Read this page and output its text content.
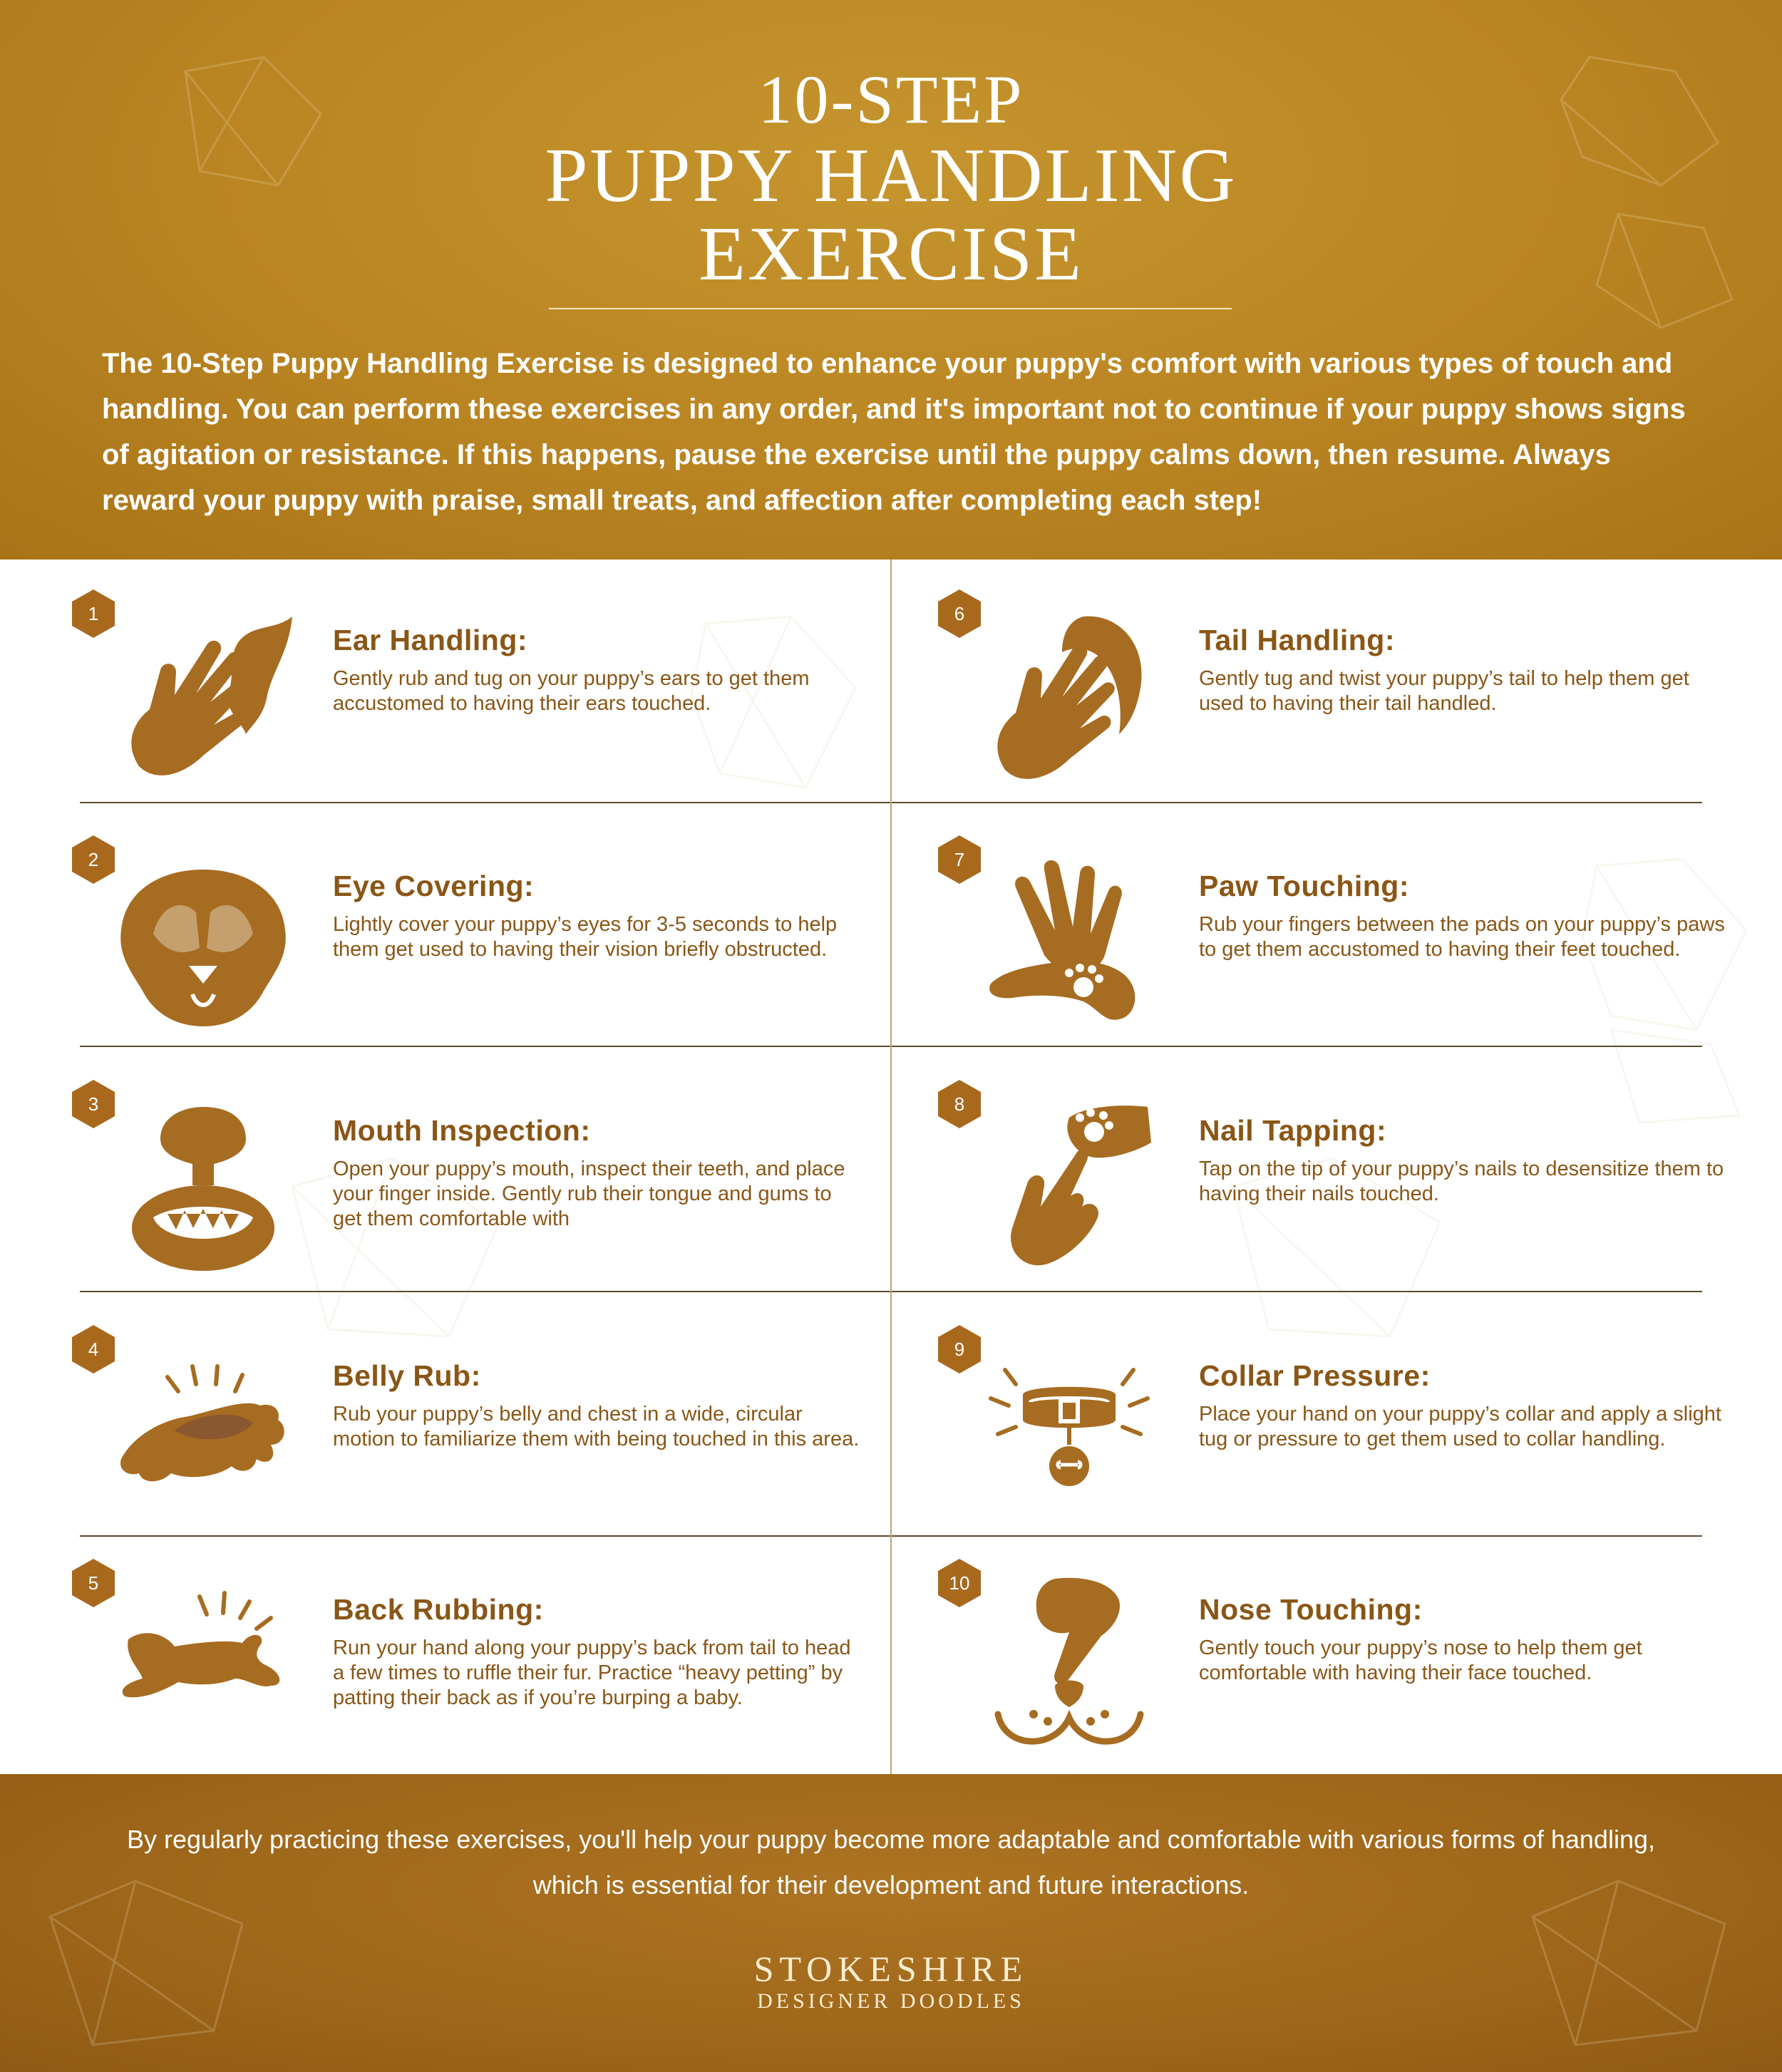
10-STEP
PUPPY HANDLING
EXERCISE

The 10-Step Puppy Handling Exercise is designed to enhance your puppy's comfort with various types of touch and handling. You can perform these exercises in any order, and it's important not to continue if your puppy shows signs of agitation or resistance. If this happens, pause the exercise until the puppy calms down, then resume. Always reward your puppy with praise, small treats, and affection after completing each step!

1
Ear Handling:

Gently rub and tug on your puppy’s ears to get them accustomed to having their ears touched.

2
Eye Covering:

Lightly cover your puppy’s eyes for 3-5 seconds to help them get used to having their vision briefly obstructed.

3
Mouth Inspection:

Open your puppy’s mouth, inspect their teeth, and place your finger inside. Gently rub their tongue and gums to get them comfortable with

4
Belly Rub:

Rub your puppy’s belly and chest in a wide, circular motion to familiarize them with being touched in this area.

5
Back Rubbing:

Run your hand along your puppy’s back from tail to head a few times to ruffle their fur. Practice “heavy petting” by patting their back as if you’re burping a baby.

6
Tail Handling:

Gently tug and twist your puppy’s tail to help them get used to having their tail handled.

7
Paw Touching:

Rub your fingers between the pads on your puppy’s paws to get them accustomed to having their feet touched.

8
Nail Tapping:

Tap on the tip of your puppy’s nails to desensitize them to having their nails touched.

9
Collar Pressure:

Place your hand on your puppy’s collar and apply a slight tug or pressure to get them used to collar handling.

10
Nose Touching:

Gently touch your puppy’s nose to help them get comfortable with having their face touched.

By regularly practicing these exercises, you'll help your puppy become more adaptable and comfortable with various forms of handling, which is essential for their development and future interactions.

STOKESHIRE
DESIGNER DOODLES
